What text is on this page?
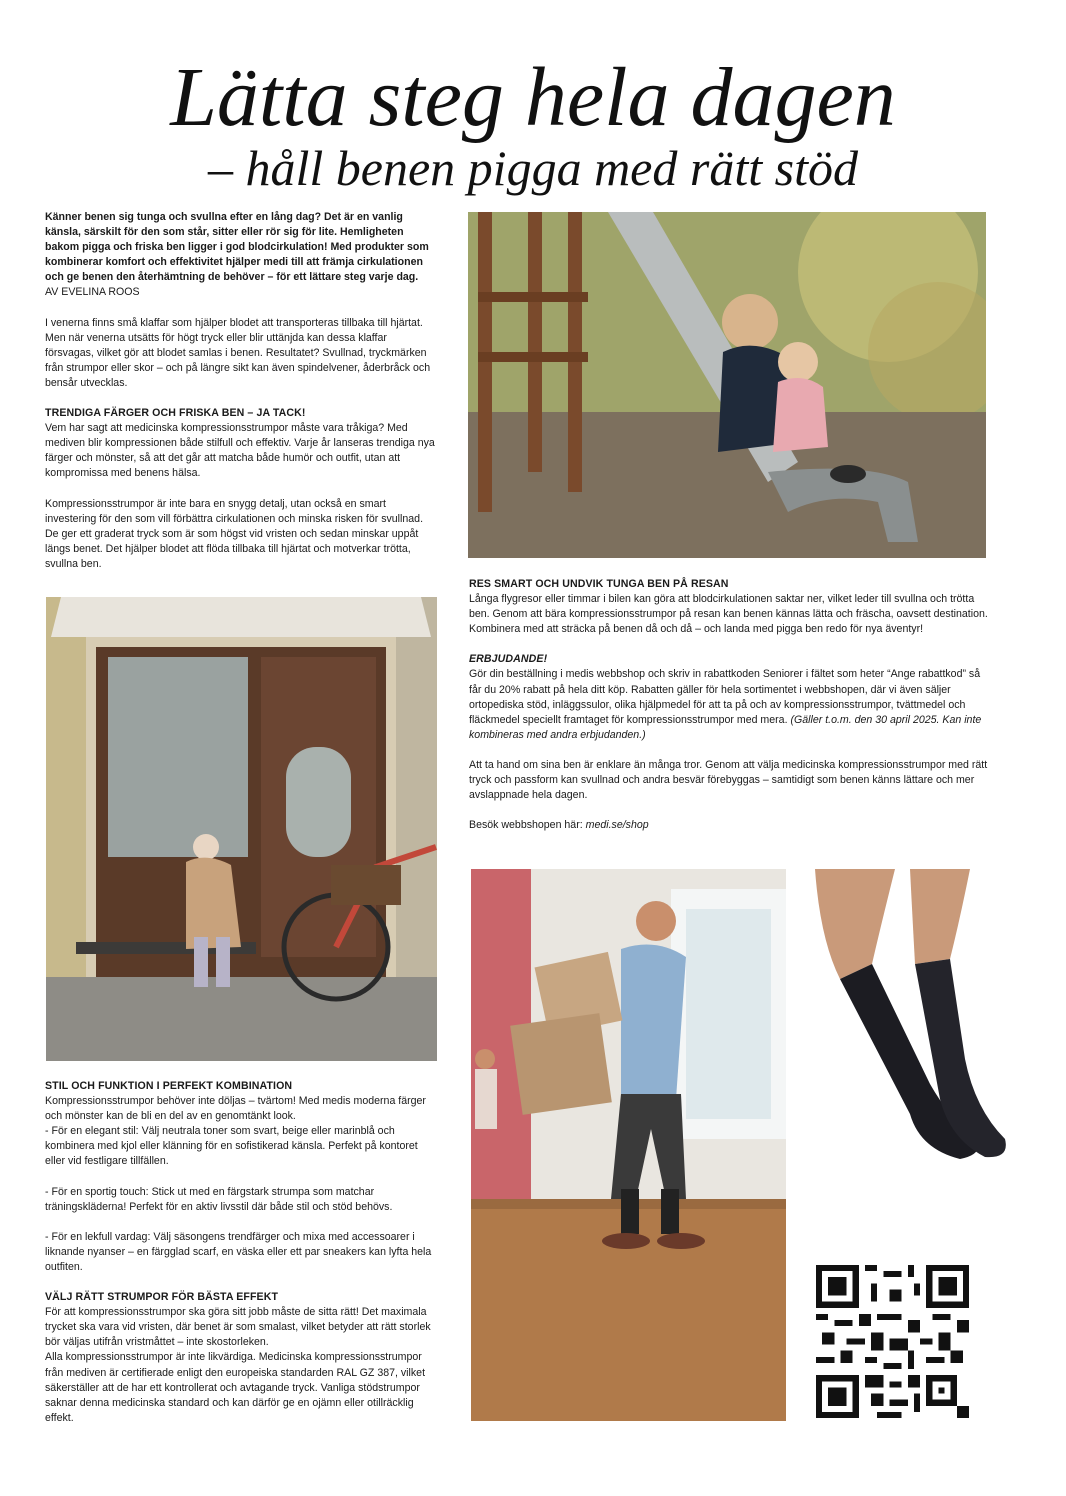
Lätta steg hela dagen
– håll benen pigga med rätt stöd

Känner benen sig tunga och svullna efter en lång dag? Det är en vanlig känsla, särskilt för den som står, sitter eller rör sig för lite. Hemligheten bakom pigga och friska ben ligger i god blodcirkulation! Med produkter som kombinerar komfort och effektivitet hjälper medi till att främja cirkulationen och ge benen den återhämtning de behöver – för ett lättare steg varje dag.

AV EVELINA ROOS

I venerna finns små klaffar som hjälper blodet att transporteras tillbaka till hjärtat. Men när venerna utsätts för högt tryck eller blir uttänjda kan dessa klaffar försvagas, vilket gör att blodet samlas i benen. Resultatet? Svullnad, tryckmärken från strumpor eller skor – och på längre sikt kan även spindelvener, åderbråck och bensår utvecklas.

TRENDIGA FÄRGER OCH FRISKA BEN – JA TACK!

Vem har sagt att medicinska kompressionsstrumpor måste vara tråkiga? Med mediven blir kompressionen både stilfull och effektiv. Varje år lanseras trendiga nya färger och mönster, så att det går att matcha både humör och outfit, utan att kompromissa med benens hälsa.

Kompressionsstrumpor är inte bara en snygg detalj, utan också en smart investering för den som vill förbättra cirkulationen och minska risken för svullnad. De ger ett graderat tryck som är som högst vid vristen och sedan minskar uppåt längs benet. Det hjälper blodet att flöda tillbaka till hjärtat och motverkar trötta, svullna ben.

STIL OCH FUNKTION I PERFEKT KOMBINATION

Kompressionsstrumpor behöver inte döljas – tvärtom! Med medis moderna färger och mönster kan de bli en del av en genomtänkt look.

- För en elegant stil: Välj neutrala toner som svart, beige eller marinblå och kombinera med kjol eller klänning för en sofistikerad känsla. Perfekt på kontoret eller vid festligare tillfällen.

- För en sportig touch: Stick ut med en färgstark strumpa som matchar träningskläderna! Perfekt för en aktiv livsstil där både stil och stöd behövs.

- För en lekfull vardag: Välj säsongens trendfärger och mixa med accessoarer i liknande nyanser – en färgglad scarf, en väska eller ett par sneakers kan lyfta hela outfiten.

VÄLJ RÄTT STRUMPOR FÖR BÄSTA EFFEKT

För att kompressionsstrumpor ska göra sitt jobb måste de sitta rätt! Det maximala trycket ska vara vid vristen, där benet är som smalast, vilket betyder att rätt storlek bör väljas utifrån vristmåttet – inte skostorleken.

Alla kompressionsstrumpor är inte likvärdiga. Medicinska kompressionsstrumpor från mediven är certifierade enligt den europeiska standarden RAL GZ 387, vilket säkerställer att de har ett kontrollerat och avtagande tryck. Vanliga stödstrumpor saknar denna medicinska standard och kan därför ge en ojämn eller otillräcklig effekt.

RES SMART OCH UNDVIK TUNGA BEN PÅ RESAN

Långa flygresor eller timmar i bilen kan göra att blodcirkulationen saktar ner, vilket leder till svullna och trötta ben. Genom att bära kompressionsstrumpor på resan kan benen kännas lätta och fräscha, oavsett destination. Kombinera med att sträcka på benen då och då – och landa med pigga ben redo för nya äventyr!

ERBJUDANDE!

Gör din beställning i medis webbshop och skriv in rabattkoden Seniorer i fältet som heter “Ange rabattkod” så får du 20% rabatt på hela ditt köp. Rabatten gäller för hela sortimentet i webbshopen, där vi även säljer ortopediska stöd, inläggssulor, olika hjälpmedel för att ta på och av kompressionsstrumpor, tvättmedel och fläckmedel speciellt framtaget för kompressionsstrumpor med mera. (Gäller t.o.m. den 30 april 2025. Kan inte kombineras med andra erbjudanden.)

Att ta hand om sina ben är enklare än många tror. Genom att välja medicinska kompressionsstrumpor med rätt tryck och passform kan svullnad och andra besvär förebyggas – samtidigt som benen känns lättare och mer avslappnade hela dagen.

Besök webbshopen här: medi.se/shop
